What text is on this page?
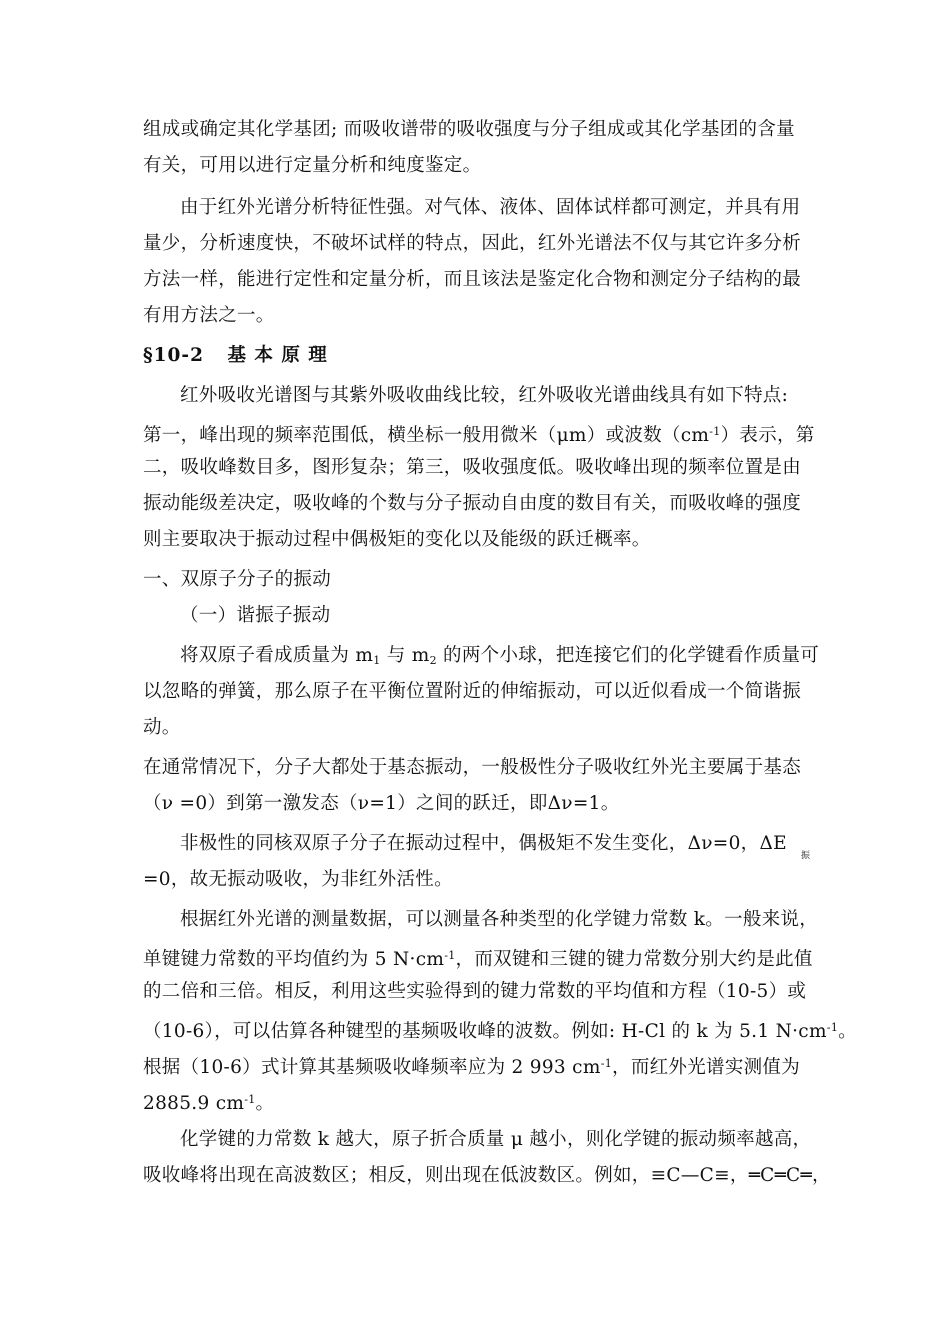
组成或确定其化学基团; 而吸收谱带的吸收强度与分子组成或其化学基团的含量
有关，可用以进行定量分析和纯度鉴定。
由于红外光谱分析特征性强。对气体、液体、固体试样都可测定，并具有用
量少，分析速度快，不破坏试样的特点，因此，红外光谱法不仅与其它许多分析
方法一样，能进行定性和定量分析，而且该法是鉴定化合物和测定分子结构的最
有用方法之一。
§10-2 基 本 原 理
红外吸收光谱图与其紫外吸收曲线比较，红外吸收光谱曲线具有如下特点:
第一，峰出现的频率范围低，横坐标一般用微米（μm）或波数$(cm^{-1})$表示，第
二，吸收峰数目多，图形复杂；第三，吸收强度低。吸收峰出现的频率位置是由
振动能级差决定，吸收峰的个数与分子振动自由度的数目有关，而吸收峰的强度
则主要取决于振动过程中偶极矩的变化以及能级的跃迁概率。
一、双原子分子的振动
（一）谐振子振动
将双原子看成质量为 $m_1$ 与 $m_2$ 的两个小球，把连接它们的化学键看作质量可
以忽略的弹簧，那么原子在平衡位置附近的伸缩振动，可以近似看成一个简谐振
动。
在通常情况下，分子大都处于基态振动，一般极性分子吸收红外光主要属于基态
（ν =0）到第一激发态（ν=1）之间的跃迁，即Δν=1。
非极性的同核双原子分子在振动过程中，偶极矩不发生变化，Δν=0，$\Delta E_振$
=0，故无振动吸收，为非红外活性。
根据红外光谱的测量数据，可以测量各种类型的化学键力常数 k。一般来说，
单键键力常数的平均值约为 5 $N\cdot cm^{-1}$，而双键和三键的键力常数分别大约是此值
的二倍和三倍。相反，利用这些实验得到的键力常数的平均值和方程（10-5）或
（10-6），可以估算各种键型的基频吸收峰的波数。例如: H-Cl 的 k 为 5.1 $N\cdot cm^{-1}$。
根据（10-6）式计算其基频吸收峰频率应为 2 993 $cm^{-1}$，而红外光谱实测值为
2885.9 $cm^{-1}$。
化学键的力常数 k 越大，原子折合质量 μ 越小，则化学键的振动频率越高，
吸收峰将出现在高波数区；相反，则出现在低波数区。例如，≡C—C≡，═C═C═，
